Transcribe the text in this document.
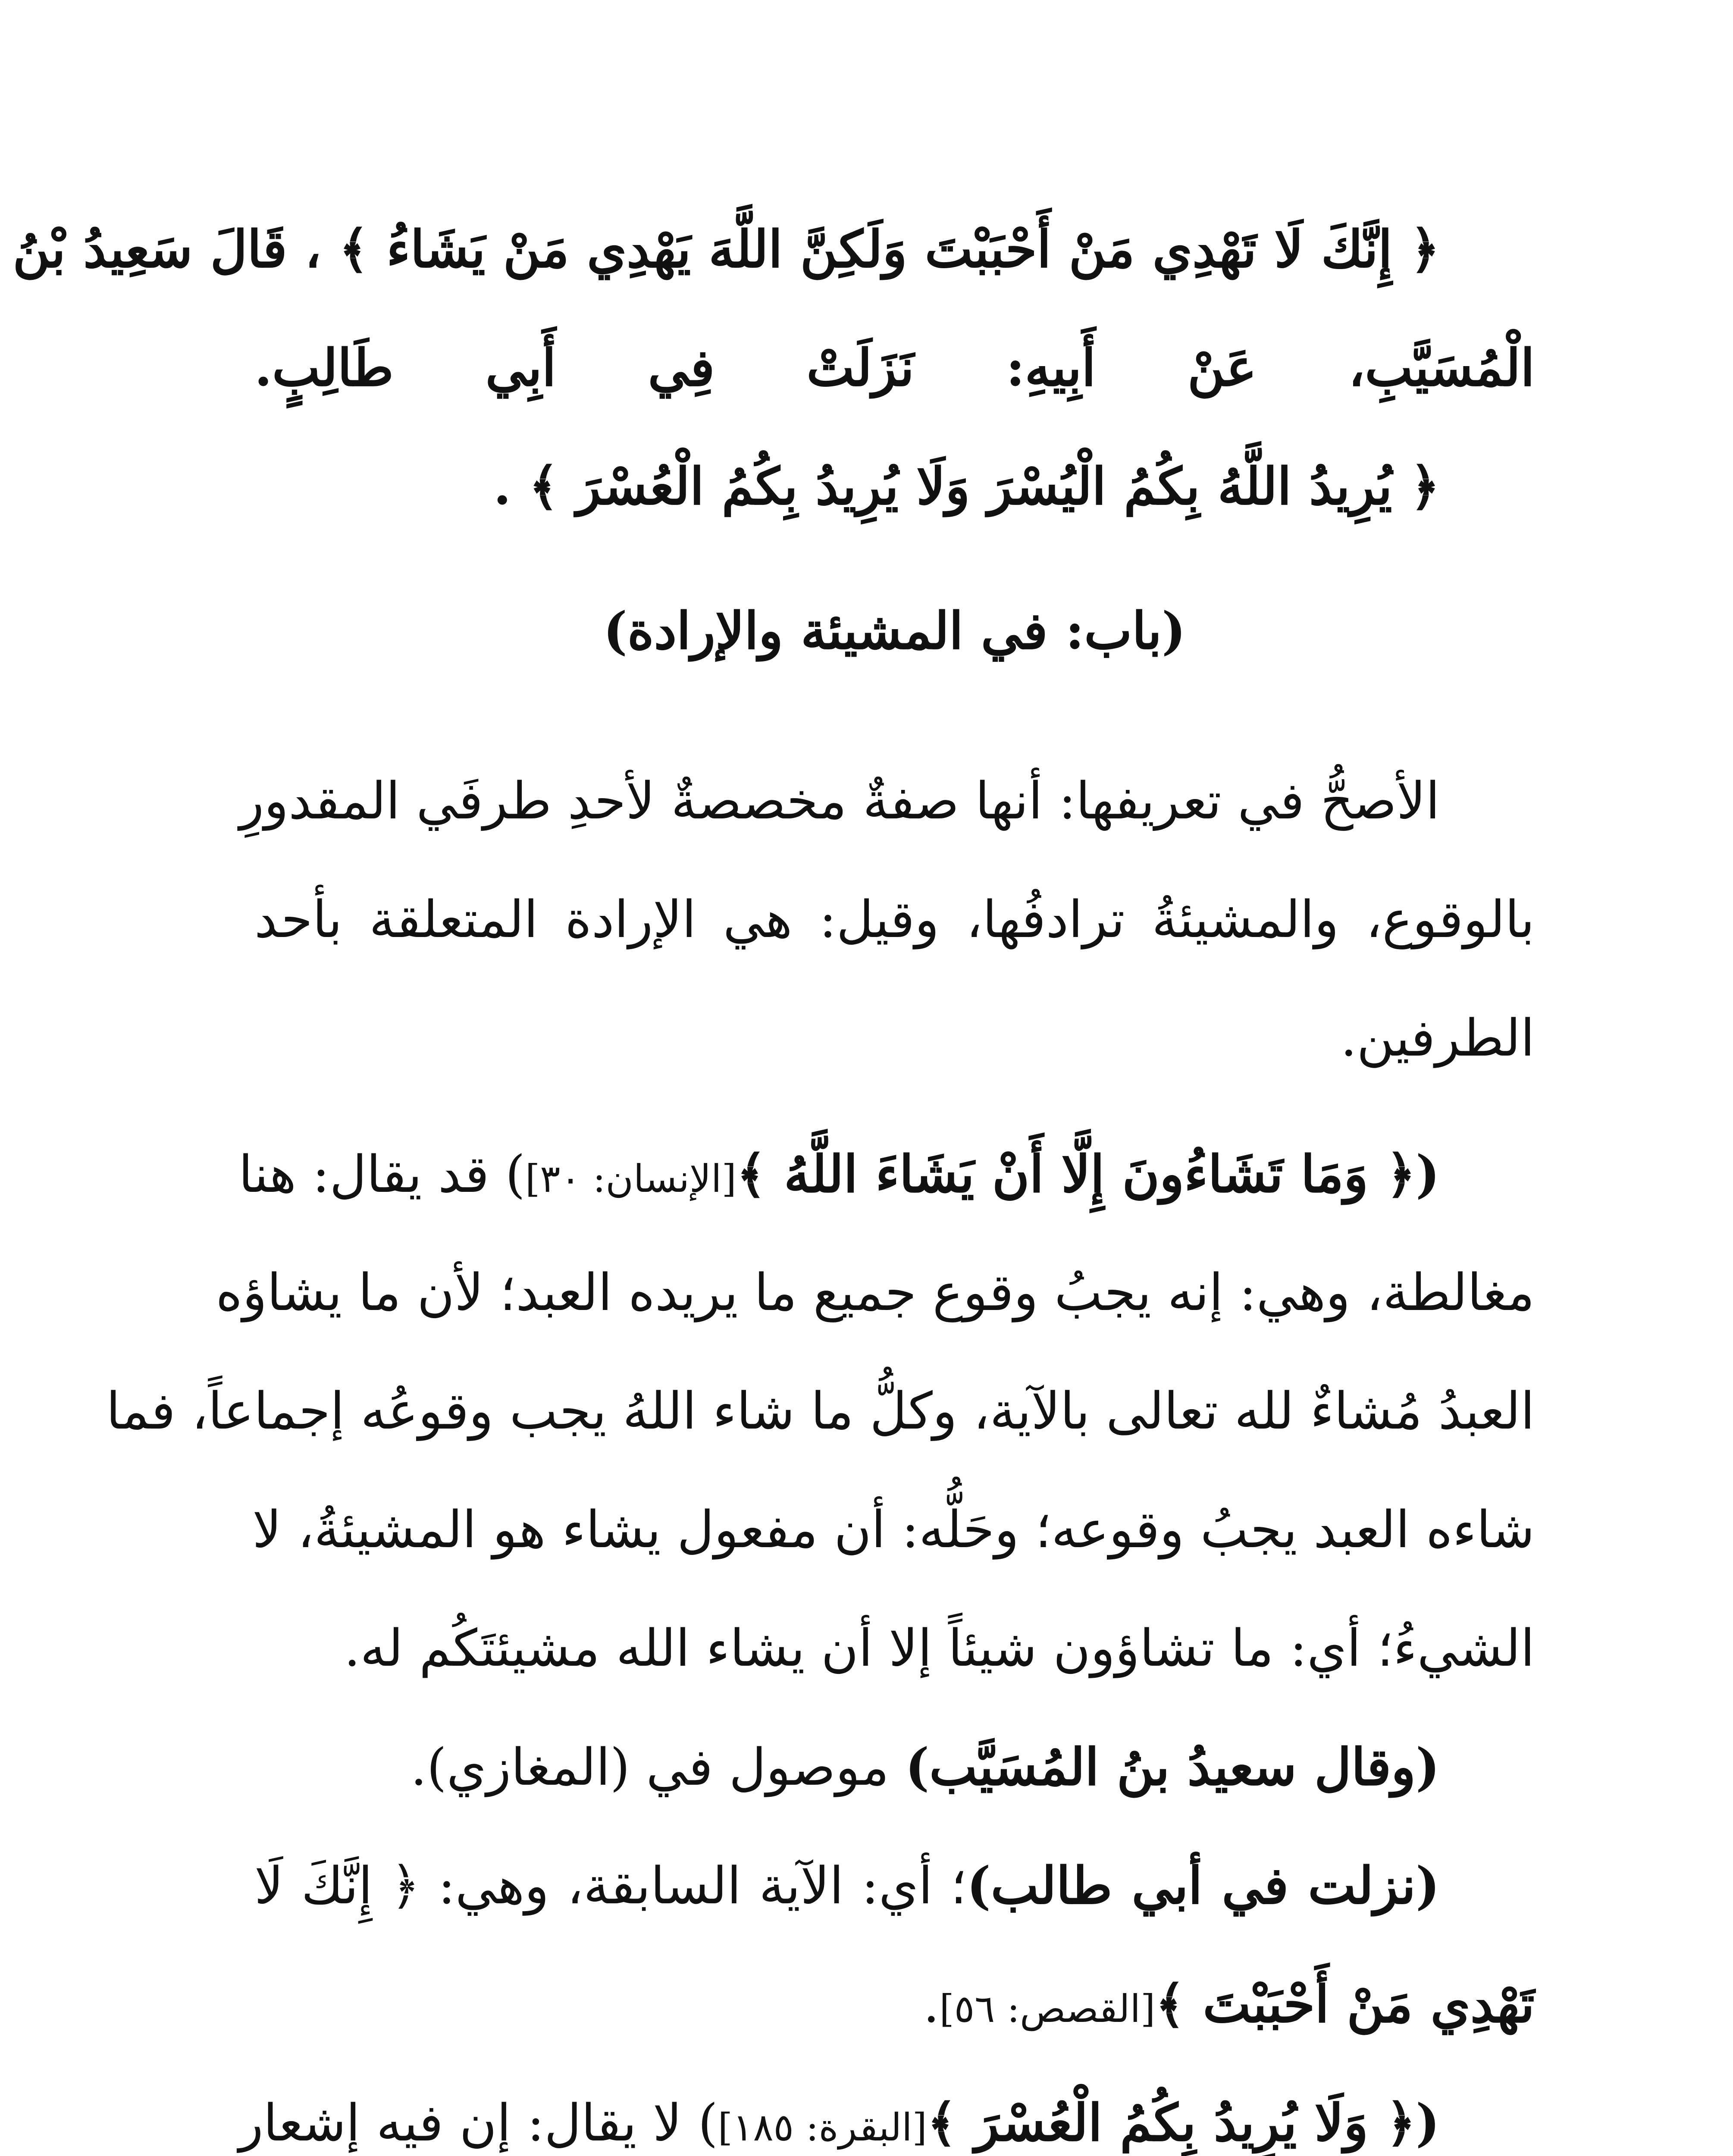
﴿ إِنَّكَ لَا تَهْدِي مَنْ أَحْبَبْتَ وَلَكِنَّ اللَّهَ يَهْدِي مَنْ يَشَاءُ ﴾ ، قَالَ سَعِيدُ بْنُ
الْمُسَيَّبِ، عَنْ أَبِيهِ: نَزَلَتْ فِي أَبِي طَالِبٍ.
﴿ يُرِيدُ اللَّهُ بِكُمُ الْيُسْرَ وَلَا يُرِيدُ بِكُمُ الْعُسْرَ ﴾ .
(باب: في المشيئة والإرادة)
الأصحُّ في تعريفها: أنها صفةٌ مخصصةٌ لأحدِ طرفَي المقدورِ
بالوقوع، والمشيئةُ ترادفُها، وقيل: هي الإرادة المتعلقة بأحد
الطرفين.
(﴿ وَمَا تَشَاءُونَ إِلَّا أَنْ يَشَاءَ اللَّهُ ﴾[الإنسان: ٣٠]) قد يقال: هنا
مغالطة، وهي: إنه يجبُ وقوع جميع ما يريده العبد؛ لأن ما يشاؤه
العبدُ مُشاءٌ لله تعالى بالآية، وكلُّ ما شاء اللهُ يجب وقوعُه إجماعاً، فما
شاءه العبد يجبُ وقوعه؛ وحَلُّه: أن مفعول يشاء هو المشيئةُ، لا
الشيءُ؛ أي: ما تشاؤون شيئاً إلا أن يشاء الله مشيئتَكُم له.
(وقال سعيدُ بنُ المُسَيَّب) موصول في (المغازي).
(نزلت في أبي طالب)؛ أي: الآية السابقة، وهي: ﴿ إِنَّكَ لَا
تَهْدِي مَنْ أَحْبَبْتَ ﴾[القصص: ٥٦].
(﴿ وَلَا يُرِيدُ بِكُمُ الْعُسْرَ ﴾[البقرة: ١٨٥]) لا يقال: إن فيه إشعار
